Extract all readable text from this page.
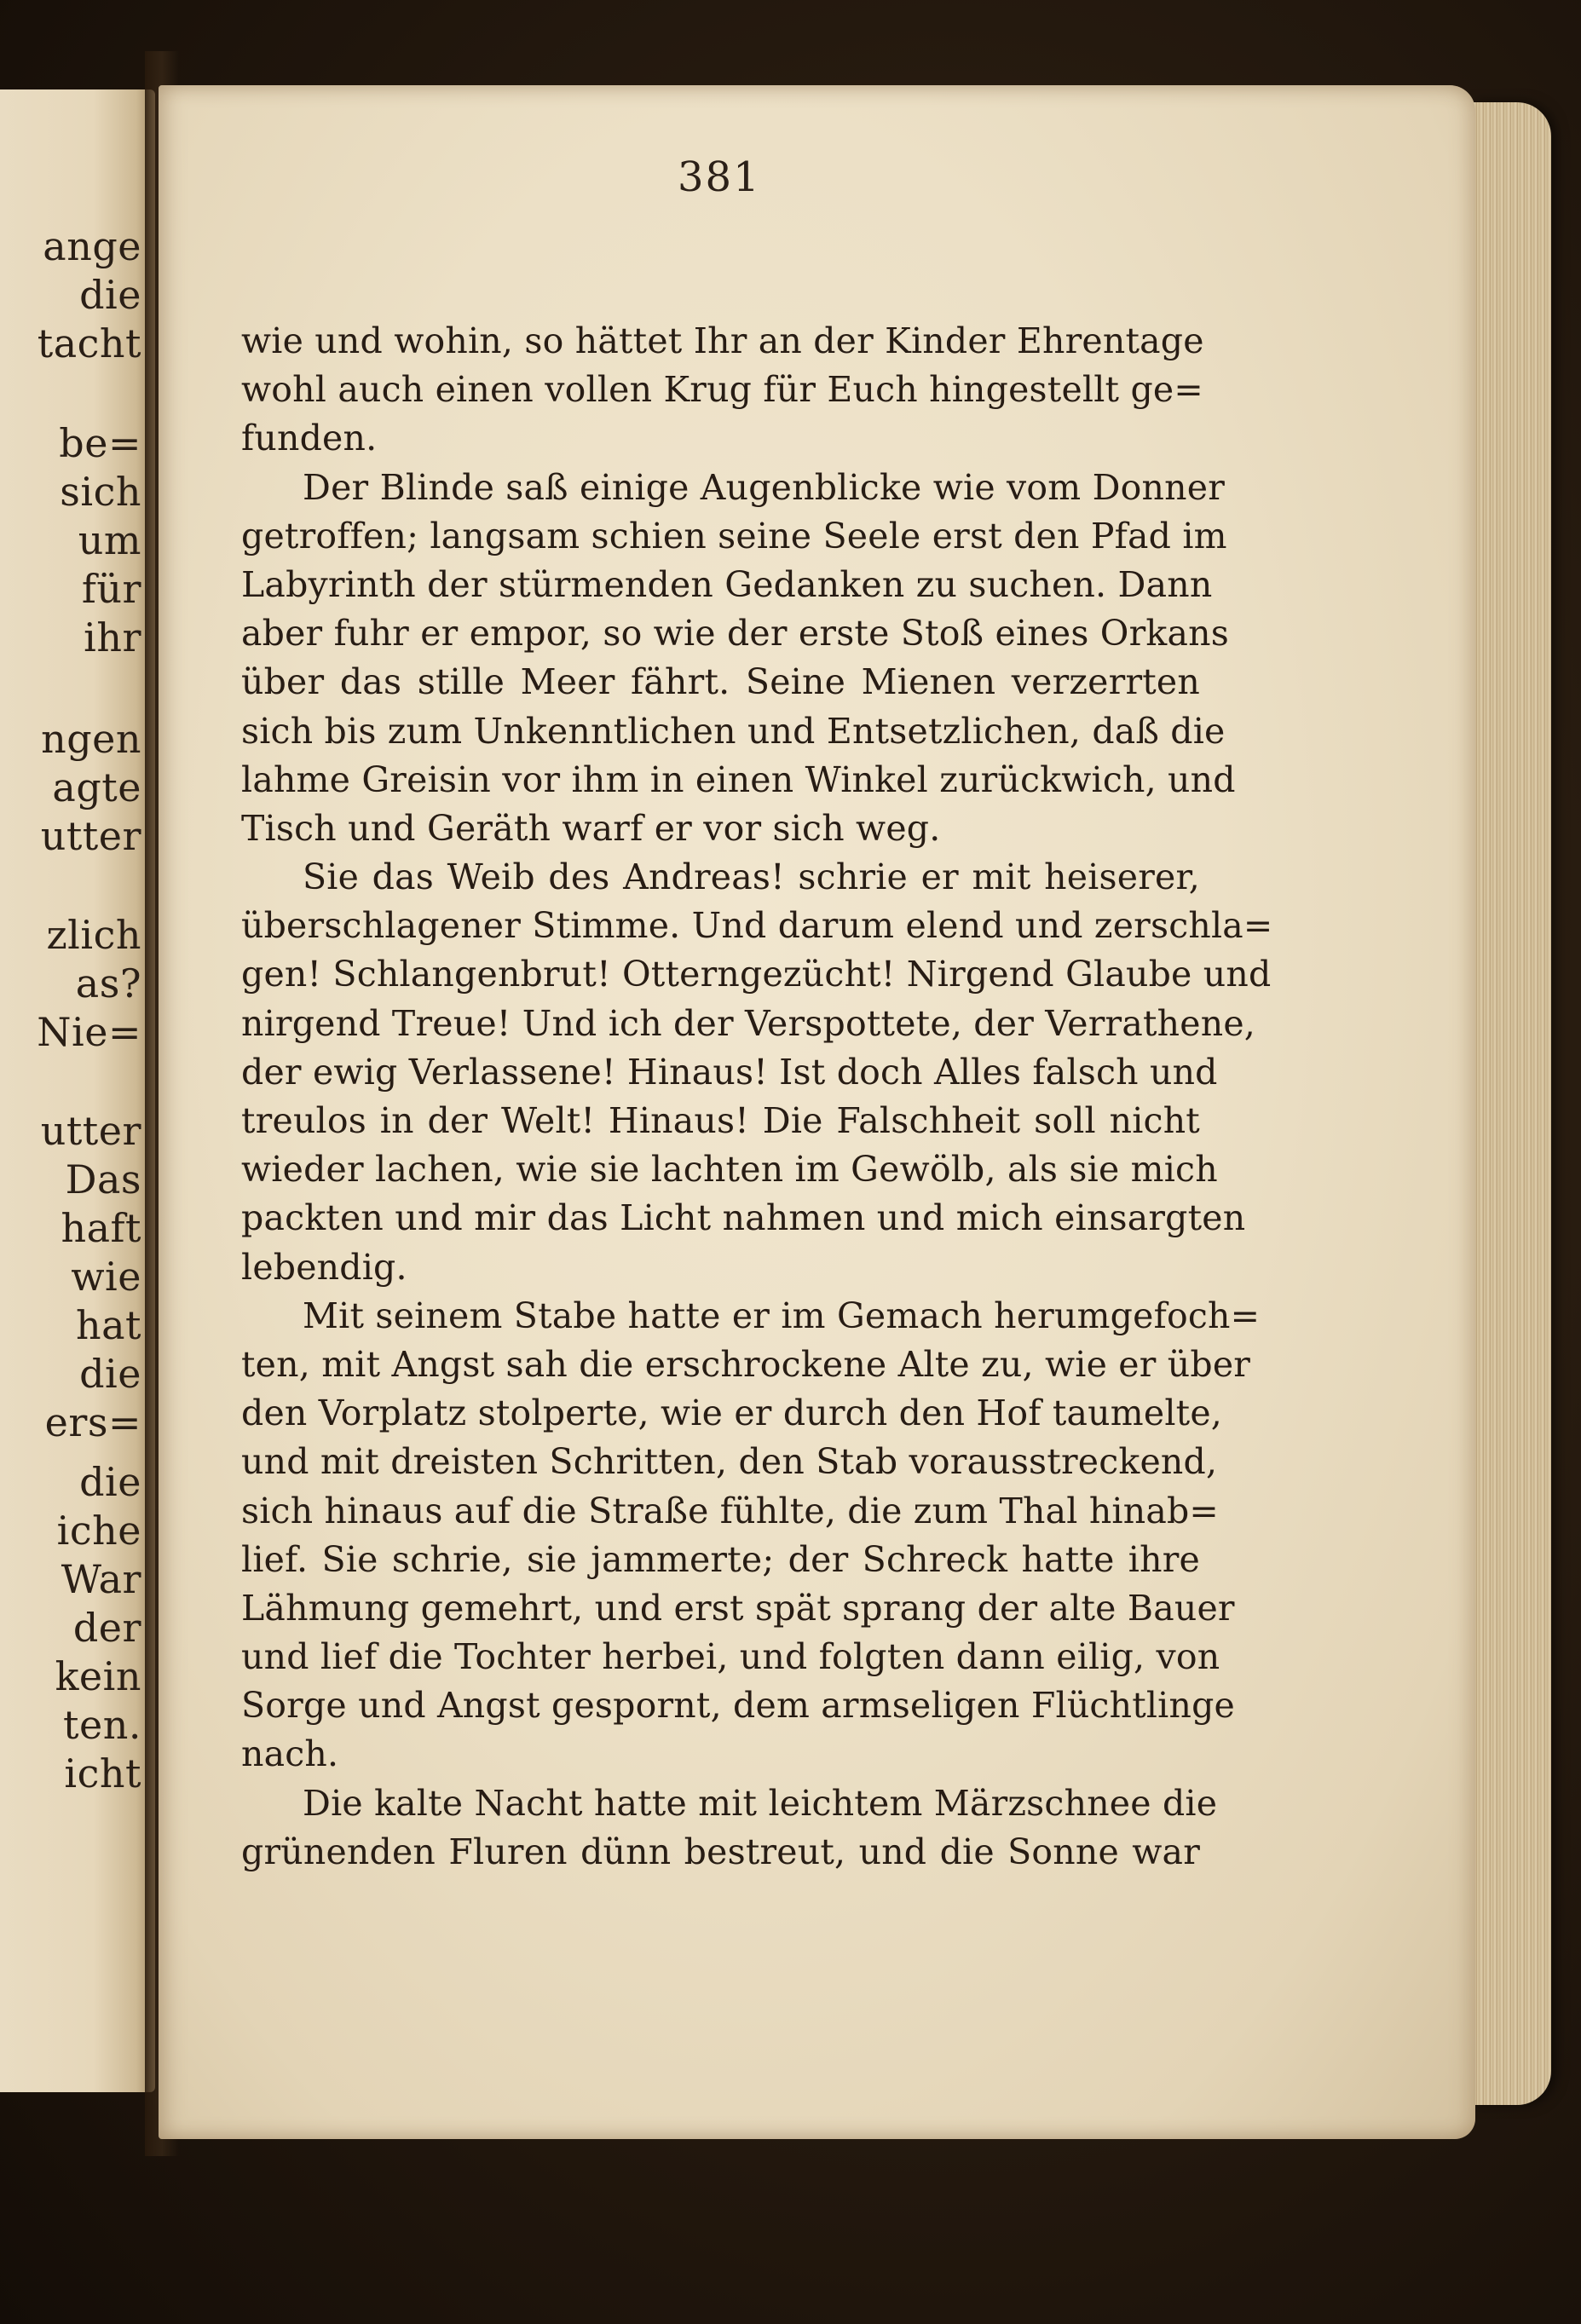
ange
die
tacht
be=
sich
um
für
ihr
ngen
agte
utter
zlich
as?
Nie=
utter
Das
haft
wie
hat
die
ers=
die
iche
War
der
kein
ten.
icht
381
wie und wohin, so hättet Ihr an der Kinder Ehrentage
wohl auch einen vollen Krug für Euch hingestellt ge=
funden.
Der Blinde saß einige Augenblicke wie vom Donner
getroffen; langsam schien seine Seele erst den Pfad im
Labyrinth der stürmenden Gedanken zu suchen. Dann
aber fuhr er empor, so wie der erste Stoß eines Orkans
über das stille Meer fährt. Seine Mienen verzerrten
sich bis zum Unkenntlichen und Entsetzlichen, daß die
lahme Greisin vor ihm in einen Winkel zurückwich, und
Tisch und Geräth warf er vor sich weg.
Sie das Weib des Andreas! schrie er mit heiserer,
überschlagener Stimme. Und darum elend und zerschla=
gen! Schlangenbrut! Otterngezücht! Nirgend Glaube und
nirgend Treue! Und ich der Verspottete, der Verrathene,
der ewig Verlassene! Hinaus! Ist doch Alles falsch und
treulos in der Welt! Hinaus! Die Falschheit soll nicht
wieder lachen, wie sie lachten im Gewölb, als sie mich
packten und mir das Licht nahmen und mich einsargten
lebendig.
Mit seinem Stabe hatte er im Gemach herumgefoch=
ten, mit Angst sah die erschrockene Alte zu, wie er über
den Vorplatz stolperte, wie er durch den Hof taumelte,
und mit dreisten Schritten, den Stab vorausstreckend,
sich hinaus auf die Straße fühlte, die zum Thal hinab=
lief. Sie schrie, sie jammerte; der Schreck hatte ihre
Lähmung gemehrt, und erst spät sprang der alte Bauer
und lief die Tochter herbei, und folgten dann eilig, von
Sorge und Angst gespornt, dem armseligen Flüchtlinge
nach.
Die kalte Nacht hatte mit leichtem Märzschnee die
grünenden Fluren dünn bestreut, und die Sonne war
